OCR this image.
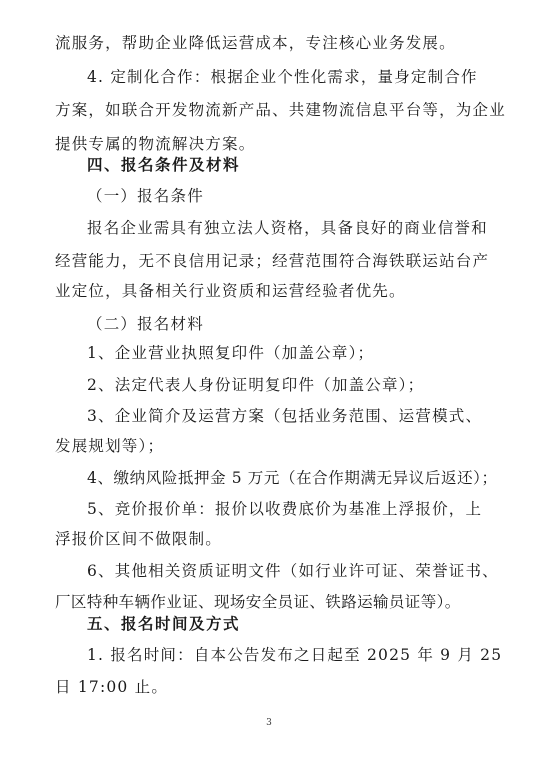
流服务，帮助企业降低运营成本，专注核心业务发展。
4. 定制化合作：根据企业个性化需求，量身定制合作
方案，如联合开发物流新产品、共建物流信息平台等，为企业
提供专属的物流解决方案。
四、报名条件及材料
（一）报名条件
报名企业需具有独立法人资格，具备良好的商业信誉和
经营能力，无不良信用记录；经营范围符合海铁联运站台产
业定位，具备相关行业资质和运营经验者优先。
（二）报名材料
1、企业营业执照复印件（加盖公章）；
2、法定代表人身份证明复印件（加盖公章）；
3、企业简介及运营方案（包括业务范围、运营模式、
发展规划等）；
4、缴纳风险抵押金 5 万元（在合作期满无异议后返还）；
5、竞价报价单：报价以收费底价为基准上浮报价，上
浮报价区间不做限制。
6、其他相关资质证明文件（如行业许可证、荣誉证书、
厂区特种车辆作业证、现场安全员证、铁路运输员证等）。
五、报名时间及方式
1. 报名时间：自本公告发布之日起至 2025 年 9 月 25
日 17:00 止。
3
